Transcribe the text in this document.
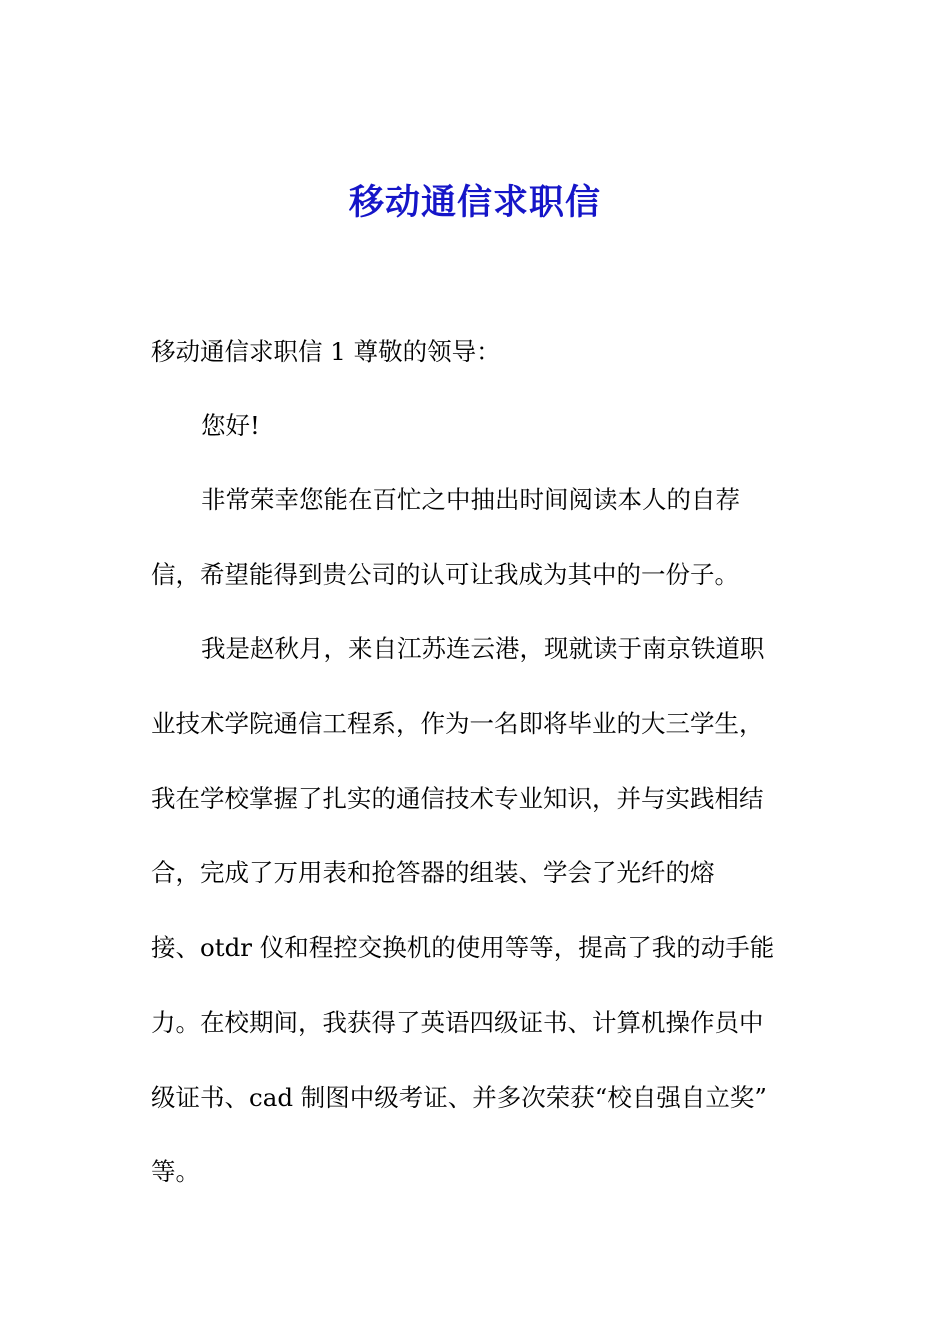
移动通信求职信
移动通信求职信 1 尊敬的领导：
您好!
非常荣幸您能在百忙之中抽出时间阅读本人的自荐
信，希望能得到贵公司的认可让我成为其中的一份子。
我是赵秋月，来自江苏连云港，现就读于南京铁道职
业技术学院通信工程系，作为一名即将毕业的大三学生，
我在学校掌握了扎实的通信技术专业知识，并与实践相结
合，完成了万用表和抢答器的组装、学会了光纤的熔
接、otdr 仪和程控交换机的使用等等，提高了我的动手能
力。在校期间，我获得了英语四级证书、计算机操作员中
级证书、cad 制图中级考证、并多次荣获“校自强自立奖”
等。
